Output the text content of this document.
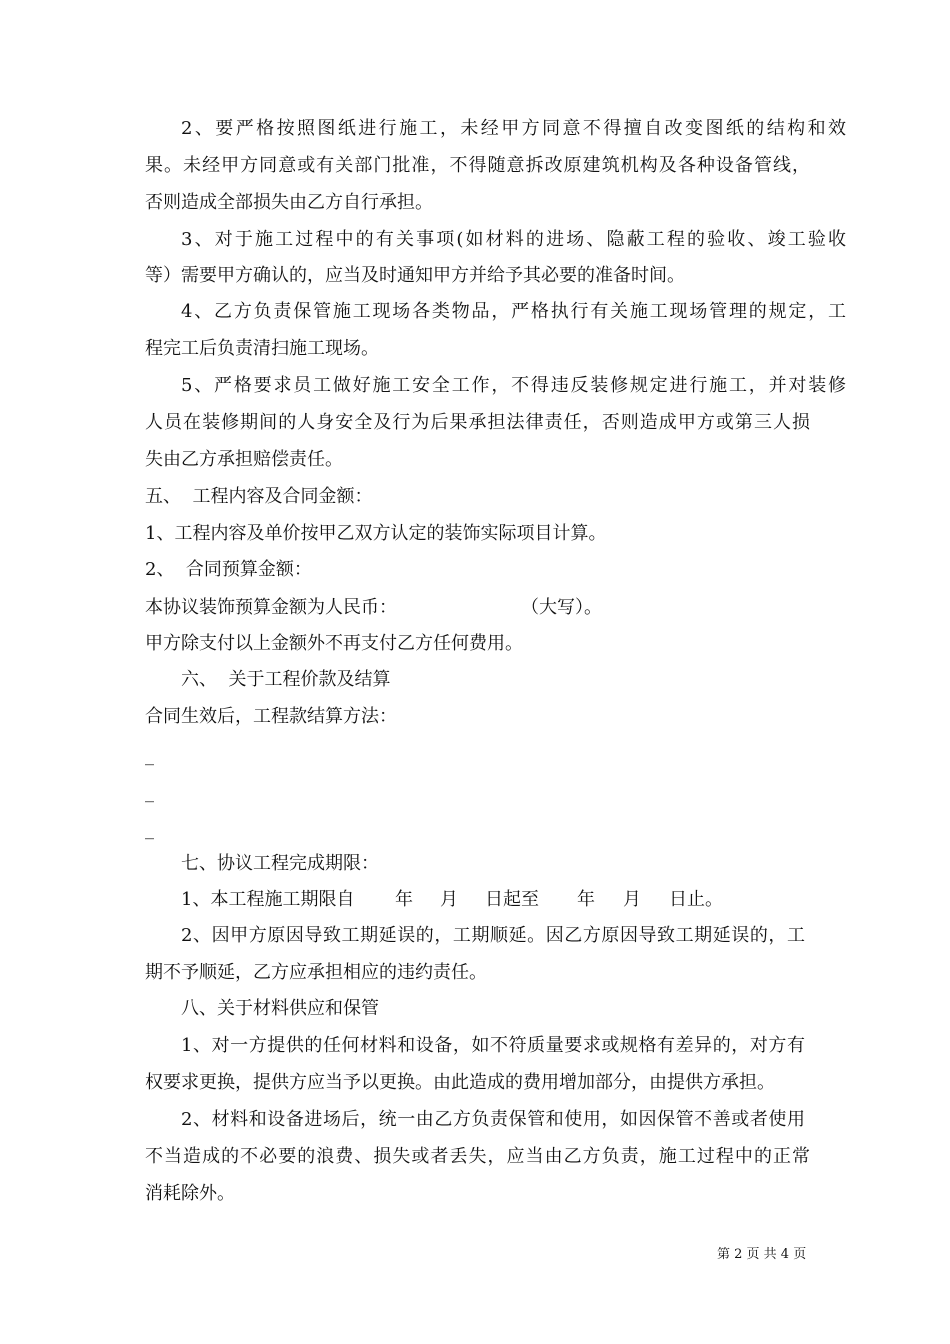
2、要严格按照图纸进行施工，未经甲方同意不得擅自改变图纸的结构和效
果。未经甲方同意或有关部门批准，不得随意拆改原建筑机构及各种设备管线，
否则造成全部损失由乙方自行承担。
3、对于施工过程中的有关事项(如材料的进场、隐蔽工程的验收、竣工验收
等）需要甲方确认的，应当及时通知甲方并给予其必要的准备时间。
4、乙方负责保管施工现场各类物品，严格执行有关施工现场管理的规定，工
程完工后负责清扫施工现场。
5、严格要求员工做好施工安全工作，不得违反装修规定进行施工，并对装修
人员在装修期间的人身安全及行为后果承担法律责任，否则造成甲方或第三人损
失由乙方承担赔偿责任。
五、  工程内容及合同金额：
1、工程内容及单价按甲乙双方认定的装饰实际项目计算。
2、  合同预算金额：
本协议装饰预算金额为人民币：	（大写）。
甲方除支付以上金额外不再支付乙方任何费用。
六、  关于工程价款及结算
合同生效后，工程款结算方法：
_
_
_
七、协议工程完成期限：
1、本工程施工期限自 年 月 日起至 年 月 日止。
2、因甲方原因导致工期延误的，工期顺延。因乙方原因导致工期延误的，工
期不予顺延，乙方应承担相应的违约责任。
八、关于材料供应和保管
1、对一方提供的任何材料和设备，如不符质量要求或规格有差异的，对方有
权要求更换，提供方应当予以更换。由此造成的费用增加部分，由提供方承担。
2、材料和设备进场后，统一由乙方负责保管和使用，如因保管不善或者使用
不当造成的不必要的浪费、损失或者丢失，应当由乙方负责，施工过程中的正常
消耗除外。
第 2 页 共 4 页
